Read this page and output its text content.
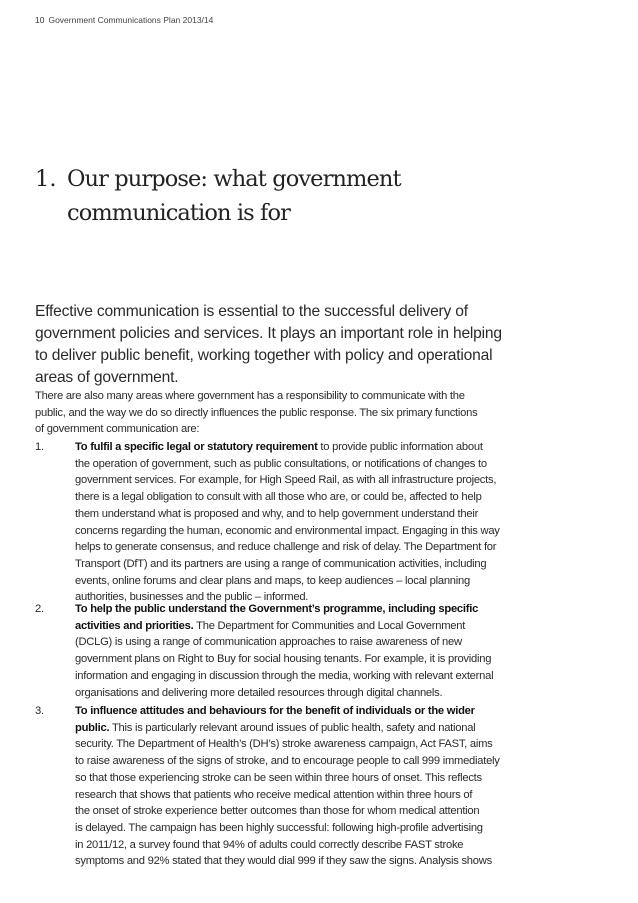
10 Government Communications Plan 2013/14
1. Our purpose: what government
communication is for
Effective communication is essential to the successful delivery of
government policies and services. It plays an important role in helping
to deliver public benefit, working together with policy and operational
areas of government.
There are also many areas where government has a responsibility to communicate with the
public, and the way we do so directly influences the public response. The six primary functions
of government communication are:
1.	To fulfil a specific legal or statutory requirement to provide public information about
the operation of government, such as public consultations, or notifications of changes to
government services. For example, for High Speed Rail, as with all infrastructure projects,
there is a legal obligation to consult with all those who are, or could be, affected to help
them understand what is proposed and why, and to help government understand their
concerns regarding the human, economic and environmental impact. Engaging in this way
helps to generate consensus, and reduce challenge and risk of delay. The Department for
Transport (DfT) and its partners are using a range of communication activities, including
events, online forums and clear plans and maps, to keep audiences – local planning
authorities, businesses and the public – informed.
2.	To help the public understand the Government’s programme, including specific
activities and priorities. The Department for Communities and Local Government
(DCLG) is using a range of communication approaches to raise awareness of new
government plans on Right to Buy for social housing tenants. For example, it is providing
information and engaging in discussion through the media, working with relevant external
organisations and delivering more detailed resources through digital channels.
3.	To influence attitudes and behaviours for the benefit of individuals or the wider
public. This is particularly relevant around issues of public health, safety and national
security. The Department of Health’s (DH’s) stroke awareness campaign, Act FAST, aims
to raise awareness of the signs of stroke, and to encourage people to call 999 immediately
so that those experiencing stroke can be seen within three hours of onset. This reflects
research that shows that patients who receive medical attention within three hours of
the onset of stroke experience better outcomes than those for whom medical attention
is delayed. The campaign has been highly successful: following high-profile advertising
in 2011/12, a survey found that 94% of adults could correctly describe FAST stroke
symptoms and 92% stated that they would dial 999 if they saw the signs. Analysis shows
